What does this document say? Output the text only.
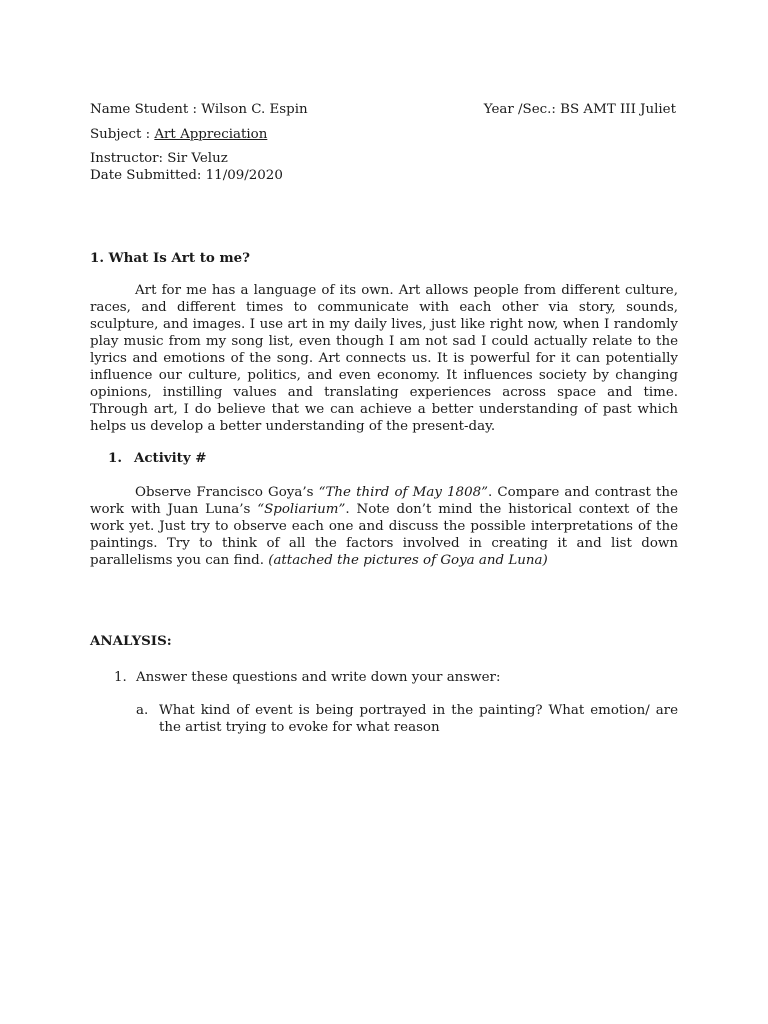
Name Student : Wilson C. Espin	Year /Sec.: BS AMT III Juliet
Subject : Art Appreciation
Instructor: Sir Veluz
Date Submitted: 11/09/2020
1. What Is Art to me?
Art for me has a language of its own. Art allows people from different culture, races, and different times to communicate with each other via story, sounds, sculpture, and images. I use art in my daily lives, just like right now, when I randomly play music from my song list, even though I am not sad I could actually relate to the lyrics and emotions of the song. Art connects us. It is powerful for it can potentially influence our culture, politics, and even economy. It influences society by changing opinions, instilling values and translating experiences across space and time. Through art, I do believe that we can achieve a better understanding of past which helps us develop a better understanding of the present-day.
1. Activity #
Observe Francisco Goya’s “The third of May 1808”. Compare and contrast the work with Juan Luna’s “Spoliarium”. Note don’t mind the historical context of the work yet. Just try to observe each one and discuss the possible interpretations of the paintings. Try to think of all the factors involved in creating it and list down parallelisms you can find. (attached the pictures of Goya and Luna)
ANALYSIS:
1. Answer these questions and write down your answer:
a. What kind of event is being portrayed in the painting? What emotion/ are the artist trying to evoke for what reason
